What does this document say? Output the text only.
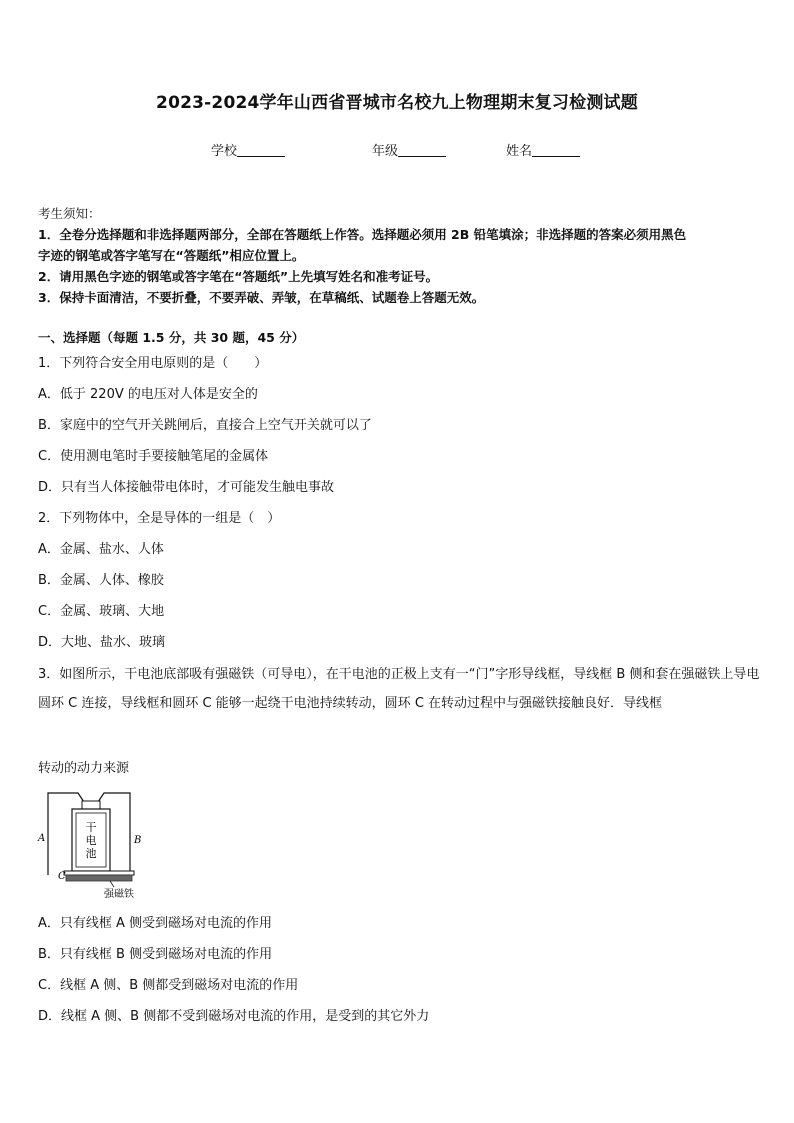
2023-2024学年山西省晋城市名校九上物理期末复习检测试题
学校	年级	姓名
考生须知：
1．全卷分选择题和非选择题两部分，全部在答题纸上作答。选择题必须用 2B 铅笔填涂；非选择题的答案必须用黑色
字迹的钢笔或答字笔写在“答题纸”相应位置上。
2．请用黑色字迹的钢笔或答字笔在“答题纸”上先填写姓名和准考证号。
3．保持卡面清洁，不要折叠，不要弄破、弄皱，在草稿纸、试题卷上答题无效。
一、选择题（每题 1.5 分，共 30 题，45 分）
1．下列符合安全用电原则的是（　　）
A．低于 220V 的电压对人体是安全的
B．家庭中的空气开关跳闸后，直接合上空气开关就可以了
C．使用测电笔时手要接触笔尾的金属体
D．只有当人体接触带电体时，才可能发生触电事故
2．下列物体中，全是导体的一组是（　）
A．金属、盐水、人体
B．金属、人体、橡胶
C．金属、玻璃、大地
D．大地、盐水、玻璃
3．如图所示，干电池底部吸有强磁铁（可导电），在干电池的正极上支有一“门”字形导线框，导线框 B 侧和套在强磁铁上导电圆环 C 连接，导线框和圆环 C 能够一起绕干电池持续转动，圆环 C 在转动过程中与强磁铁接触良好．导线框
转动的动力来源
干
电
池
A	B
C
强磁铁
A．只有线框 A 侧受到磁场对电流的作用
B．只有线框 B 侧受到磁场对电流的作用
C．线框 A 侧、B 侧都受到磁场对电流的作用
D．线框 A 侧、B 侧都不受到磁场对电流的作用，是受到的其它外力
